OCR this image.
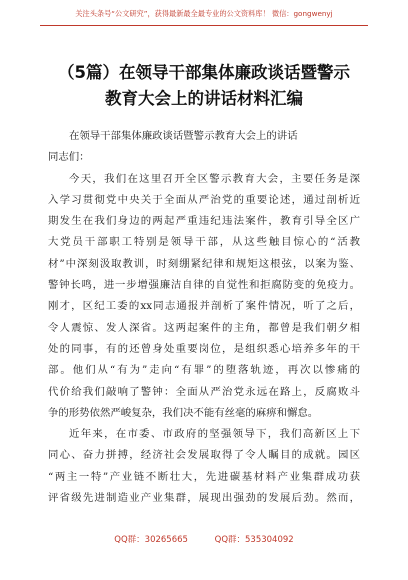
关注头条号“公文研究”，获得最新最全最专业的公文资料库！ 微信：gongwenyj
（5篇）在领导干部集体廉政谈话暨警示
教育大会上的讲话材料汇编
在领导干部集体廉政谈话暨警示教育大会上的讲话
同志们：
今天，我们在这里召开全区警示教育大会，主要任务是深
入学习贯彻党中央关于全面从严治党的重要论述，通过剖析近
期发生在我们身边的两起严重违纪违法案件，教育引导全区广
大党员干部职工特别是领导干部，从这些触目惊心的“活教
材”中深刻汲取教训，时刻绷紧纪律和规矩这根弦，以案为鉴、
警钟长鸣，进一步增强廉洁自律的自觉性和拒腐防变的免疫力。
刚才，区纪工委的xx同志通报并剖析了案件情况，听了之后，
令人震惊、发人深省。这两起案件的主角，都曾是我们朝夕相
处的同事，有的还曾身处重要岗位，是组织悉心培养多年的干
部。他们从“有为”走向“有罪”的堕落轨迹，再次以惨痛的
代价给我们敲响了警钟：全面从严治党永远在路上，反腐败斗
争的形势依然严峻复杂，我们决不能有丝毫的麻痹和懈怠。
近年来，在市委、市政府的坚强领导下，我们高新区上下
同心、奋力拼搏，经济社会发展取得了令人瞩目的成就。园区
“两主一特”产业链不断壮大，先进碳基材料产业集群成功获
评省级先进制造业产业集群，展现出强劲的发展后劲。然而，
QQ群：30265665	QQ群：535304092
